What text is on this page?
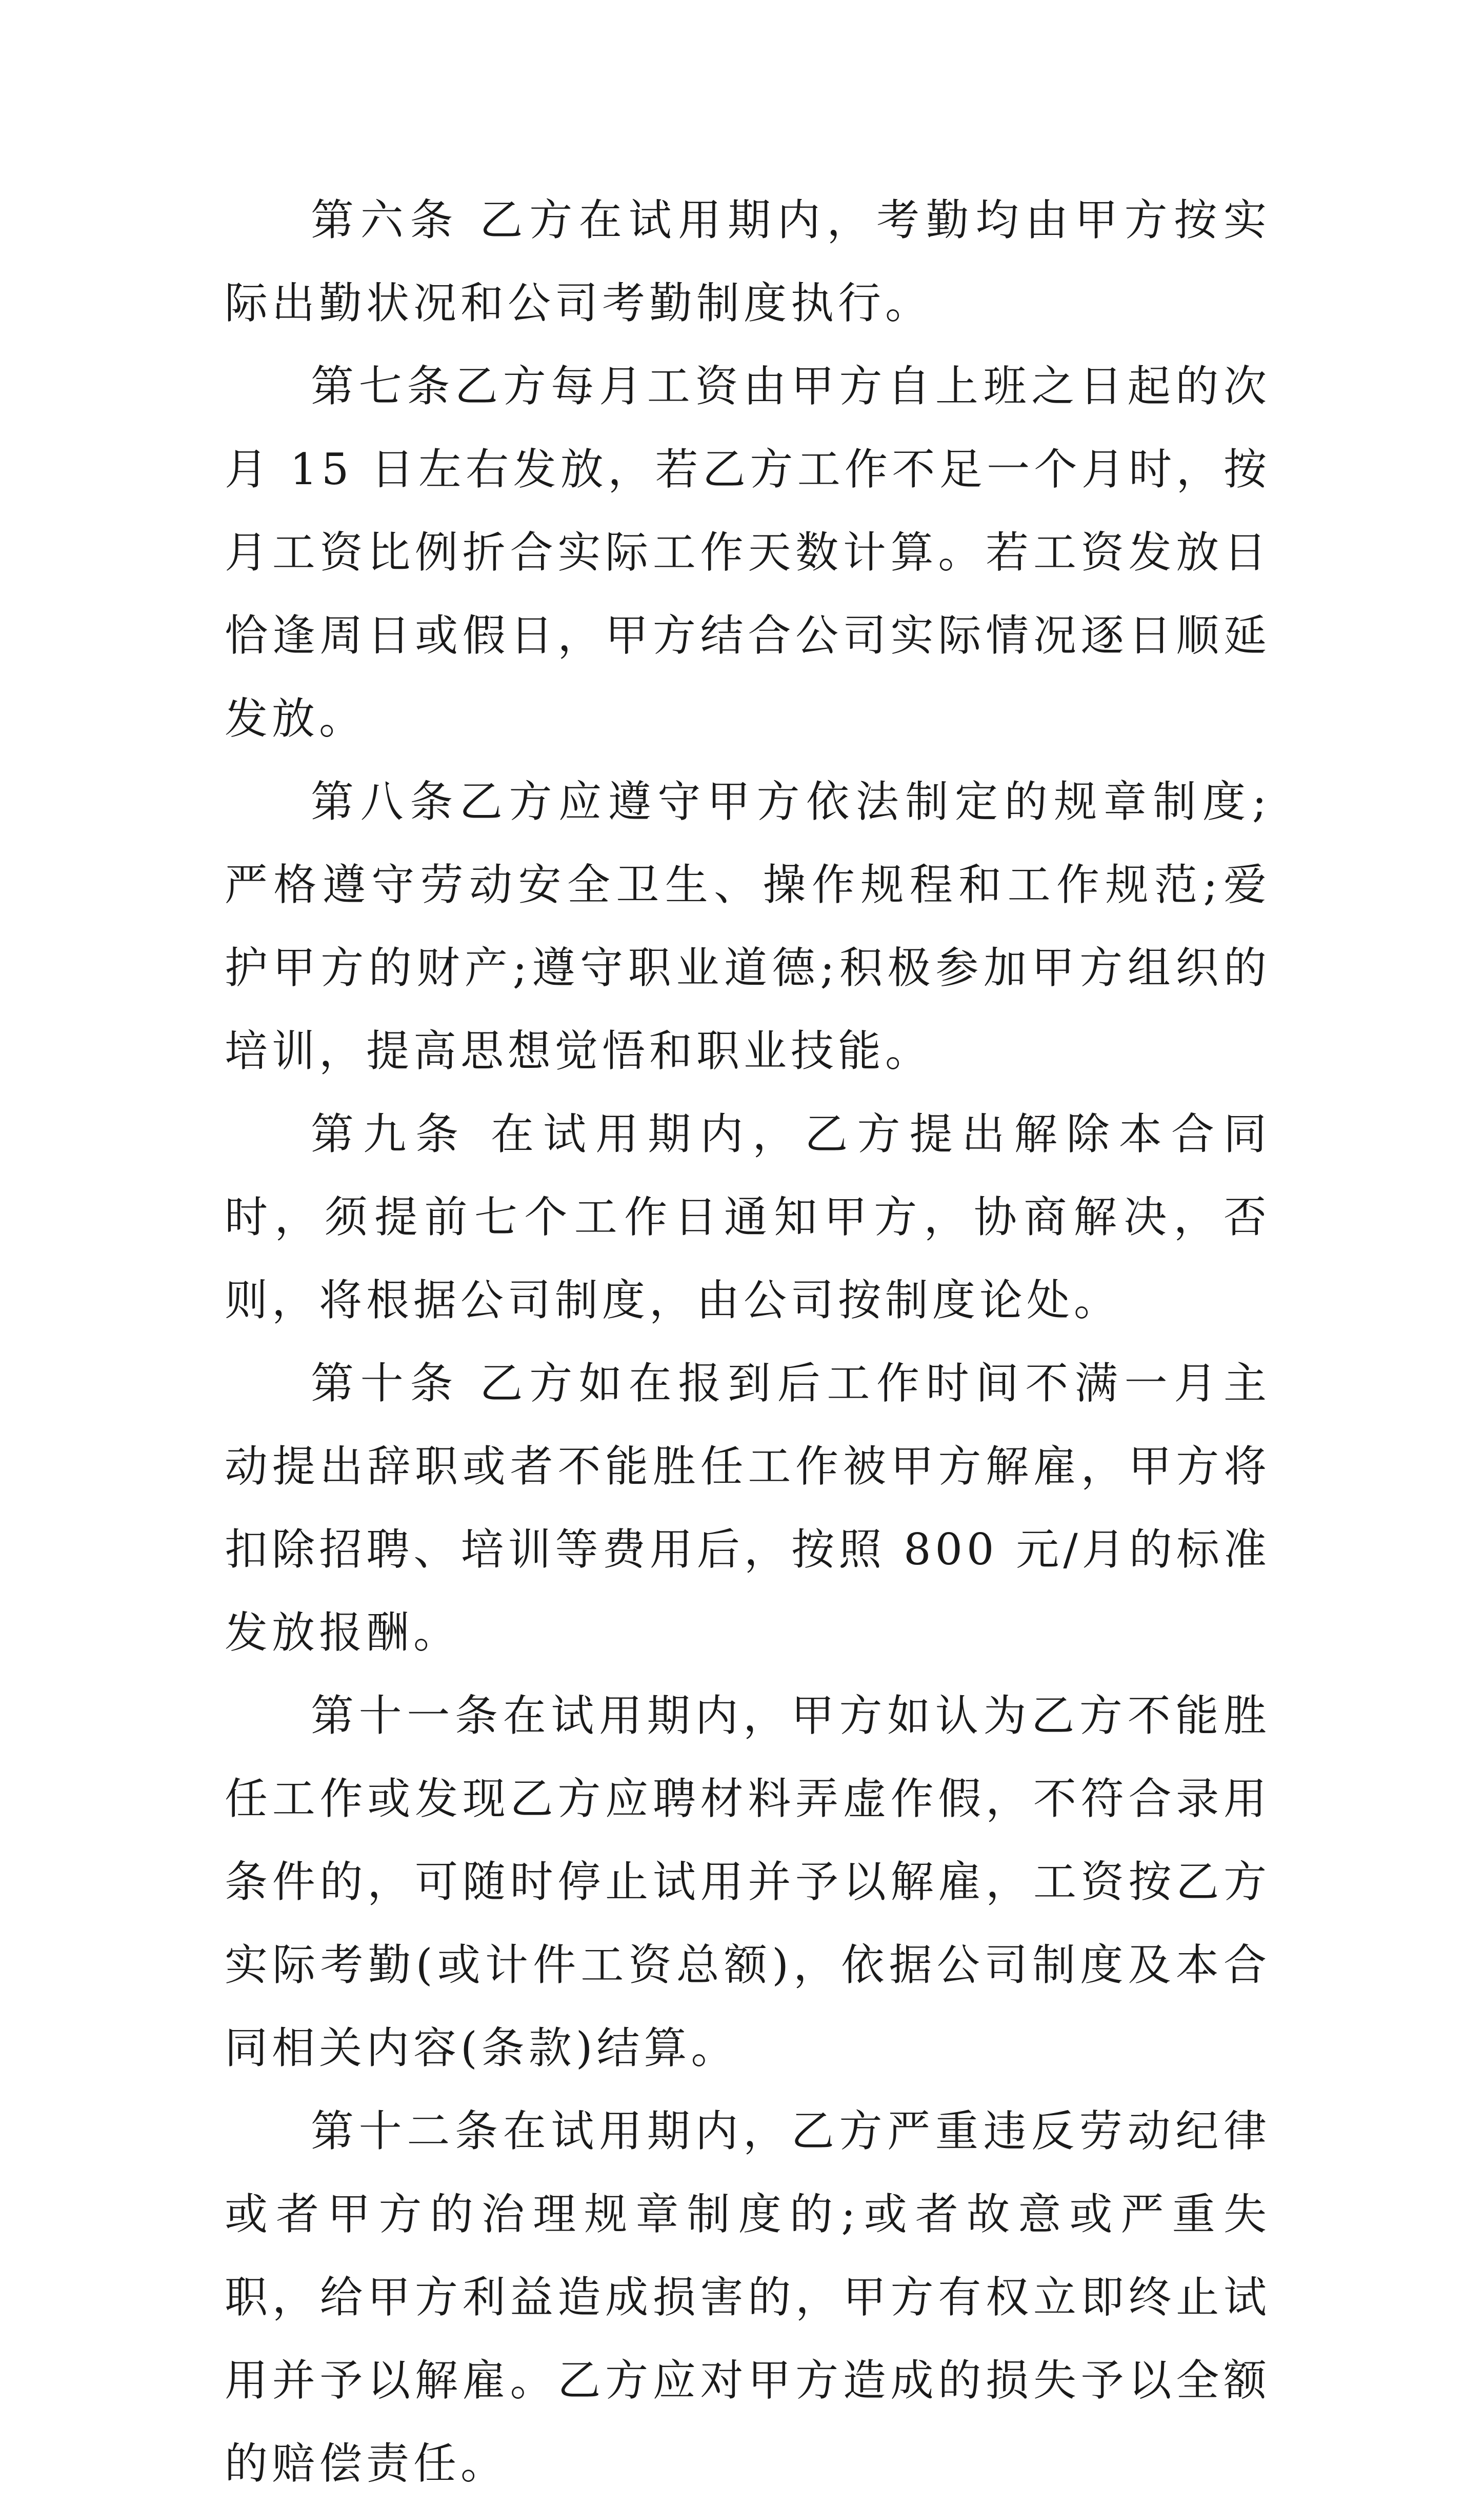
第六条 乙方在试用期内，考勤均由甲方按实际出勤状况和公司考勤制度执行。

第七条乙方每月工资由甲方自上班之日起的次月 15 日左右发放，若乙方工作不足一个月时，按月工资比例折合实际工作天数计算。若工资发放日恰逢周日或假日，甲方结合公司实际情况逐日顺延发放。

第八条乙方应遵守甲方依法制定的规章制度;严格遵守劳动安全卫生、操作规程和工作规范;爱护甲方的财产;遵守职业道德;积极参加甲方组织的培训，提高思想觉悟和职业技能。

第九条 在试用期内，乙方提出解除本合同时，须提前七个工作日通知甲方，协商解决，否则，将根据公司制度，由公司按制度论处。

第十条 乙方如在报到后工作时间不满一月主动提出辞职或者不能胜任工作被甲方解雇，甲方将扣除招聘、培训等费用后，按照 800 元/月的标准发放报酬。

第十一条在试用期内，甲方如认为乙方不能胜任工作或发现乙方应聘材料弄虚作假，不符合录用条件的，可随时停止试用并予以解雇，工资按乙方实际考勤(或计件工资总额)，依据公司制度及本合同相关内容(条款)结算。

第十二条在试用期内，乙方严重违反劳动纪律或者甲方的治理规章制度的;或者故意或严重失职，给甲方利益造成损害的，甲方有权立即终止试用并予以解雇。乙方应对甲方造成的损失予以全额的赔偿责任。
